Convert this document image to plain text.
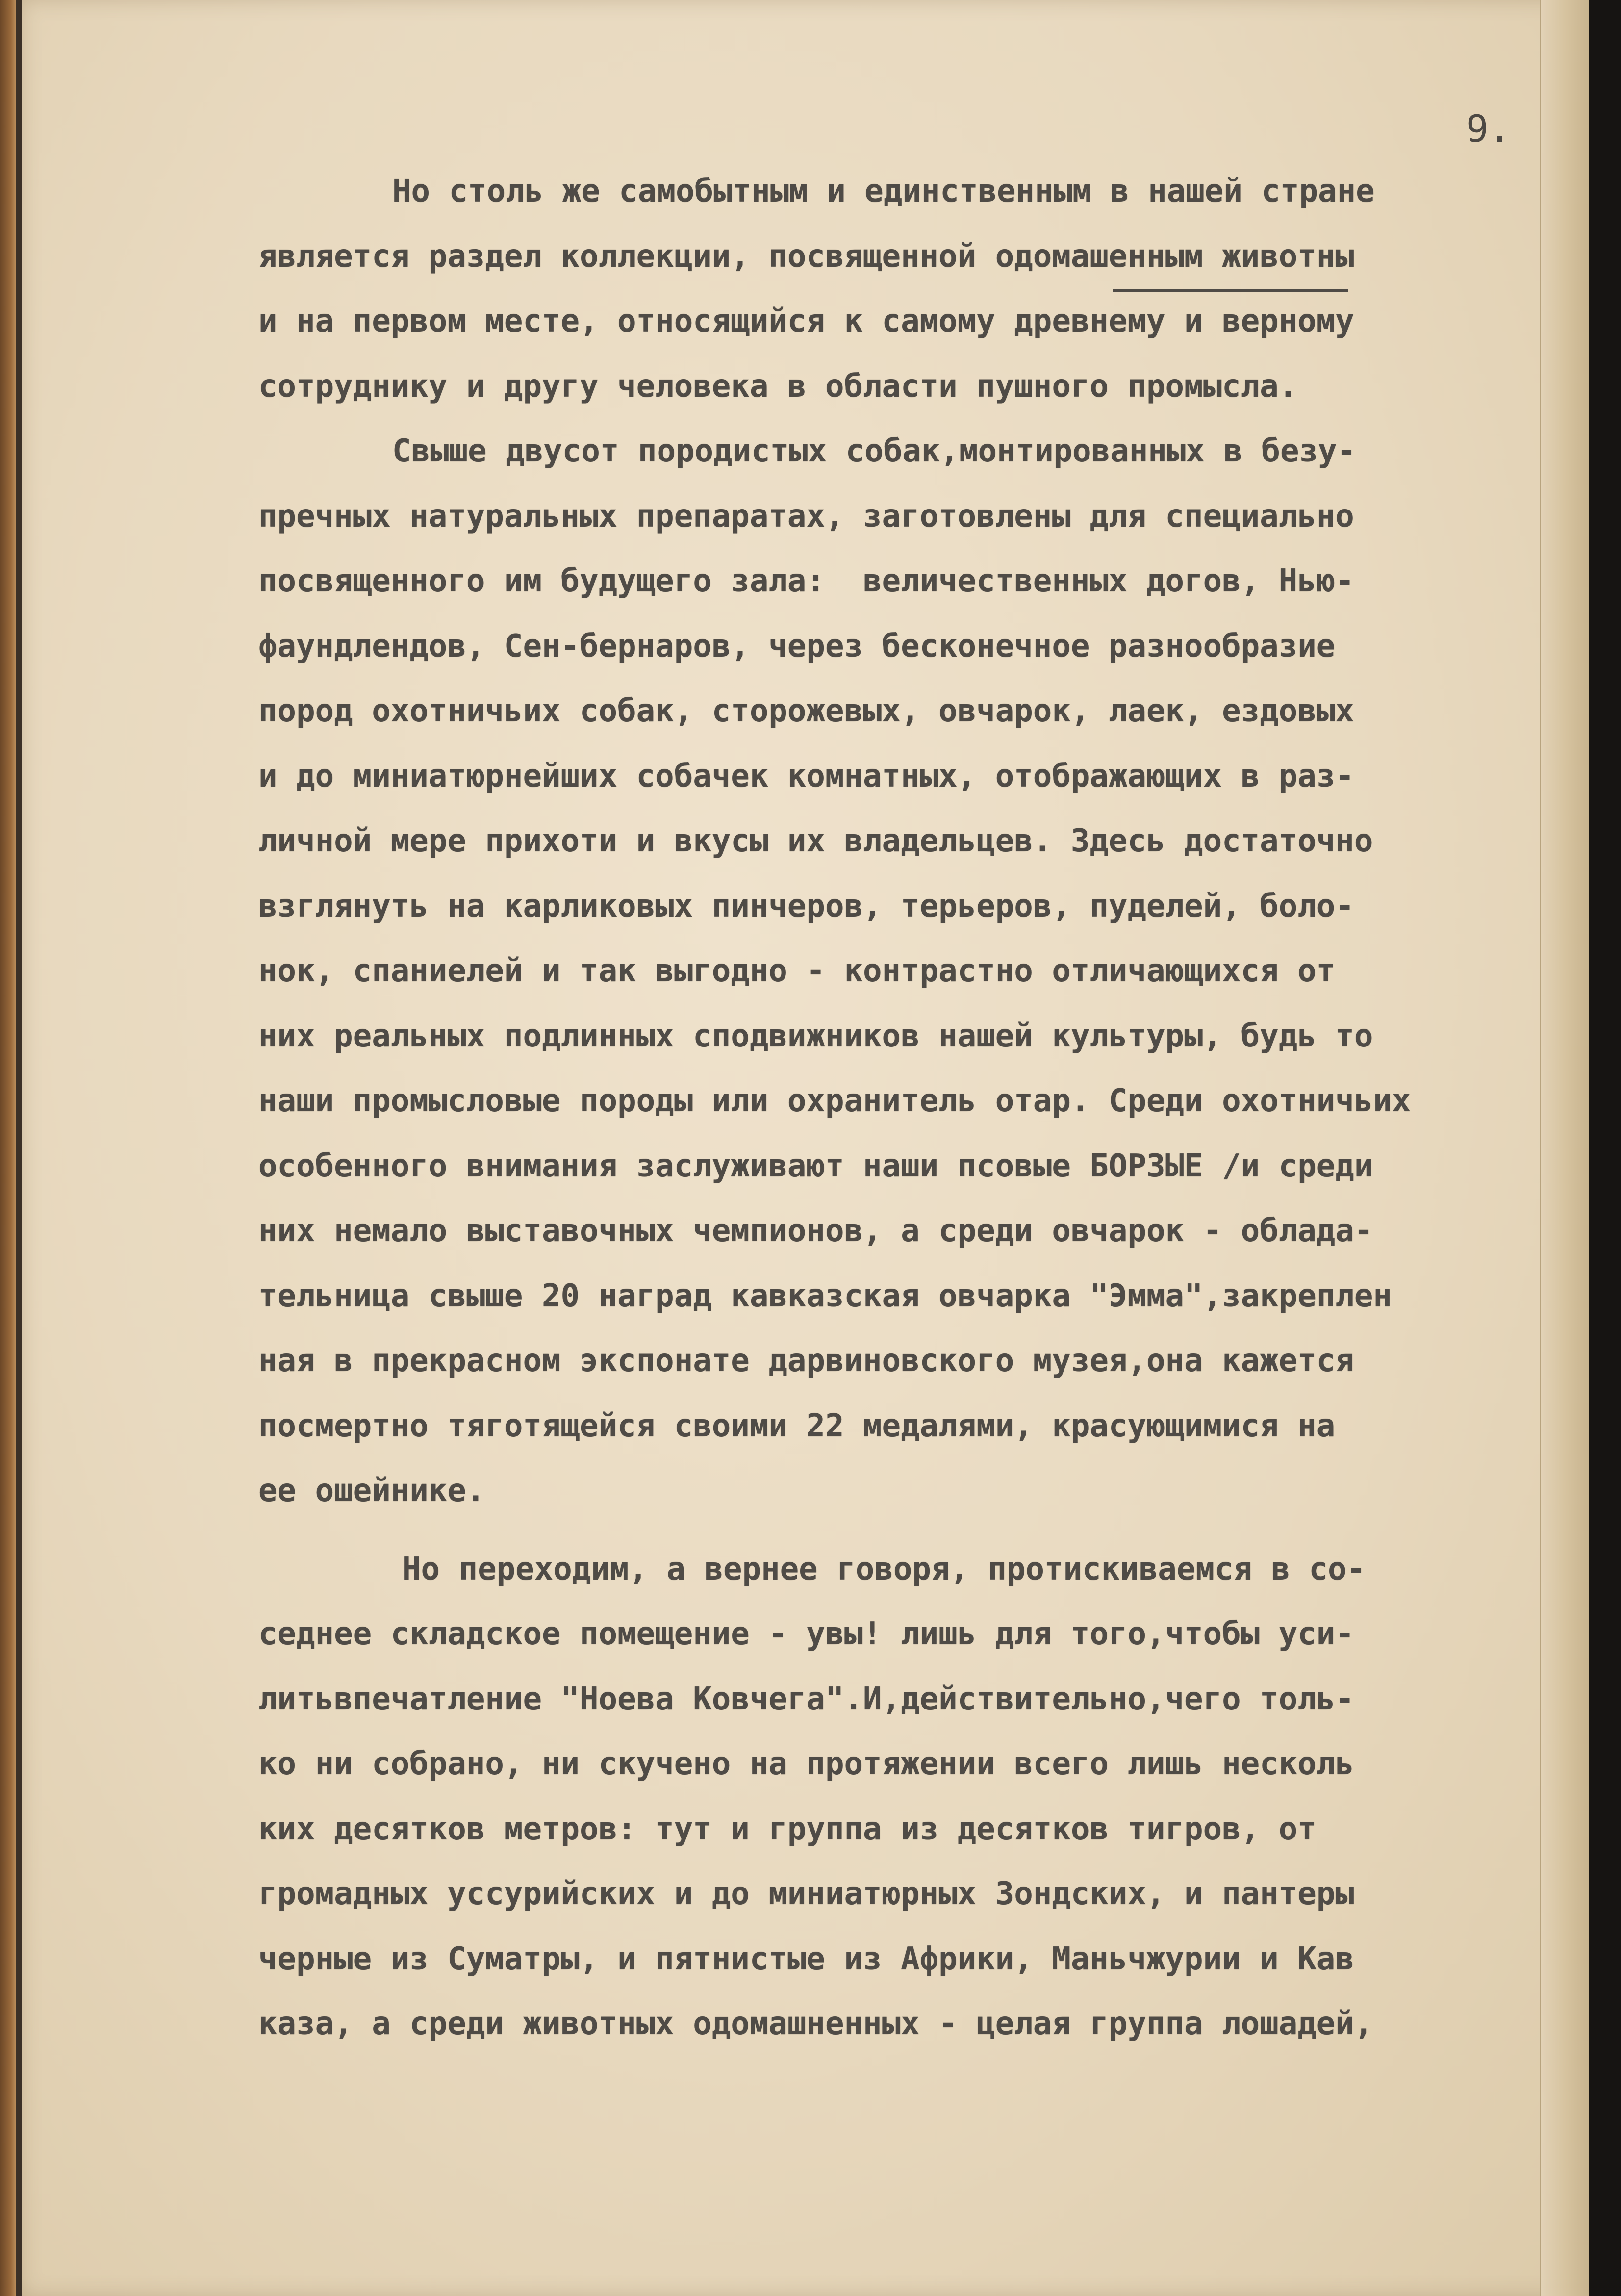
9.
Но столь же самобытным и единственным в нашей стране
является раздел коллекции, посвященной одомашенным животны
и на первом месте, относящийся к самому древнему и верному
сотруднику и другу человека в области пушного промысла.
Свыше двусот породистых собак,монтированных в безу-
пречных натуральных препаратах, заготовлены для специально
посвященного им будущего зала:  величественных догов, Нью-
фаундлендов, Сен-бернаров, через бесконечное разнообразие
пород охотничьих собак, сторожевых, овчарок, лаек, ездовых
и до миниатюрнейших собачек комнатных, отображающих в раз-
личной мере прихоти и вкусы их владельцев. Здесь достаточно
взглянуть на карликовых пинчеров, терьеров, пуделей, боло-
нок, спаниелей и так выгодно - контрастно отличающихся от
них реальных подлинных сподвижников нашей культуры, будь то
наши промысловые породы или охранитель отар. Среди охотничьих
особенного внимания заслуживают наши псовые БОРЗЫЕ /и среди
них немало выставочных чемпионов, а среди овчарок - облада-
тельница свыше 20 наград кавказская овчарка "Эмма",закреплен
ная в прекрасном экспонате дарвиновского музея,она кажется
посмертно тяготящейся своими 22 медалями, красующимися на
ее ошейнике.
Но переходим, а вернее говоря, протискиваемся в со-
седнее складское помещение - увы! лишь для того,чтобы уси-
литьвпечатление "Ноева Ковчега".И,действительно,чего толь-
ко ни собрано, ни скучено на протяжении всего лишь несколь
ких десятков метров: тут и группа из десятков тигров, от
громадных уссурийских и до миниатюрных Зондских, и пантеры
черные из Суматры, и пятнистые из Африки, Маньчжурии и Кав
каза, а среди животных одомашненных - целая группа лошадей,
